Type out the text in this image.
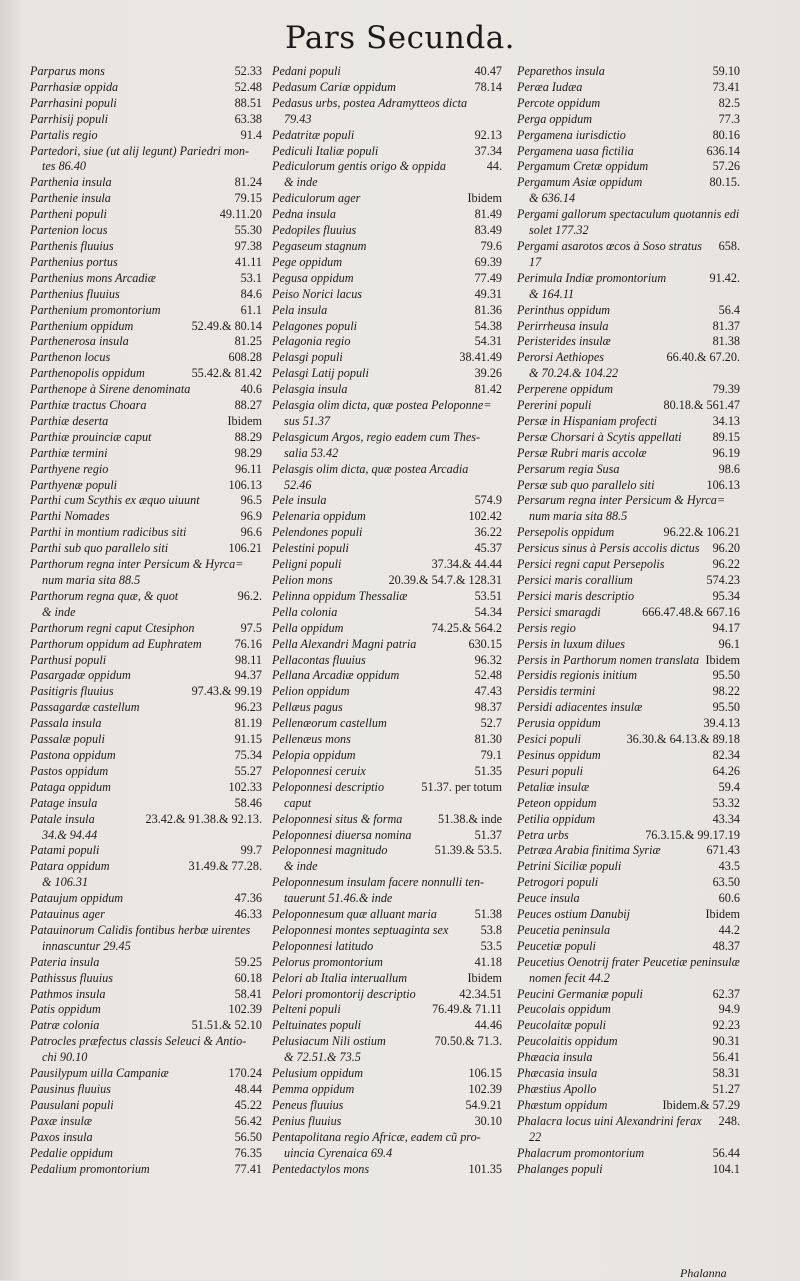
Pars Secunda.
Parparus mons	52.33
Parrhasiæ oppida	52.48
Parrhasini populi	88.51
Parrhisij populi	63.38
Partalis regio	91.4
Partedori, siue (ut alij legunt) Pariedri mon-
tes 86.40
Parthenia insula	81.24
Parthenie insula	79.15
Partheni populi	49.11.20
Partenion locus	55.30
Parthenis fluuius	97.38
Parthenius portus	41.11
Parthenius mons Arcadiæ	53.1
Parthenius fluuius	84.6
Parthenium promontorium	61.1
Parthenium oppidum	52.49.& 80.14
Parthenerosa insula	81.25
Parthenon locus	608.28
Parthenopolis oppidum	55.42.& 81.42
Parthenope à Sirene denominata	40.6
Parthiæ tractus Choara	88.27
Parthiæ deserta	Ibidem
Parthiæ prouinciæ caput	88.29
Parthiæ termini	98.29
Parthyene regio	96.11
Parthyenæ populi	106.13
Parthi cum Scythis ex æquo uiuunt	96.5
Parthi Nomades	96.9
Parthi in montium radicibus siti	96.6
Parthi sub quo parallelo siti	106.21
Parthorum regna inter Persicum & Hyrca=
num maria sita 88.5
Parthorum regna quæ, & quot	96.2.
& inde
Parthorum regni caput Ctesiphon	97.5
Parthorum oppidum ad Euphratem	76.16
Parthusi populi	98.11
Pasargadæ oppidum	94.37
Pasitigris fluuius	97.43.& 99.19
Passagardæ castellum	96.23
Passala insula	81.19
Passalæ populi	91.15
Pastona oppidum	75.34
Pastos oppidum	55.27
Pataga oppidum	102.33
Patage insula	58.46
Patale insula	23.42.& 91.38.& 92.13.
34.& 94.44
Patami populi	99.7
Patara oppidum	31.49.& 77.28.
& 106.31
Pataujum oppidum	47.36
Patauinus ager	46.33
Patauinorum Calidis fontibus herbæ uirentes
innascuntur 29.45
Pateria insula	59.25
Pathissus fluuius	60.18
Pathmos insula	58.41
Patis oppidum	102.39
Patræ colonia	51.51.& 52.10
Patrocles præfectus classis Seleuci & Antio-
chi 90.10
Pausilypum uilla Campaniæ	170.24
Pausinus fluuius	48.44
Pausulani populi	45.22
Paxæ insulæ	56.42
Paxos insula	56.50
Pedalie oppidum	76.35
Pedalium promontorium	77.41
Pedani populi	40.47
Pedasum Cariæ oppidum	78.14
Pedasus urbs, postea Adramytteos dicta
79.43
Pedatritæ populi	92.13
Pediculi Italiæ populi	37.34
Pediculorum gentis origo & oppida	44.
& inde
Pediculorum ager	Ibidem
Pedna insula	81.49
Pedopiles fluuius	83.49
Pegaseum stagnum	79.6
Pege oppidum	69.39
Pegusa oppidum	77.49
Peiso Norici lacus	49.31
Pela insula	81.36
Pelagones populi	54.38
Pelagonia regio	54.31
Pelasgi populi	38.41.49
Pelasgi Latij populi	39.26
Pelasgia insula	81.42
Pelasgia olim dicta, quæ postea Peloponne=
sus 51.37
Pelasgicum Argos, regio eadem cum Thes-
salia 53.42
Pelasgis olim dicta, quæ postea Arcadia
52.46
Pele insula	574.9
Pelenaria oppidum	102.42
Pelendones populi	36.22
Pelestini populi	45.37
Peligni populi	37.34.& 44.44
Pelion mons	20.39.& 54.7.& 128.31
Pelinna oppidum Thessaliæ	53.51
Pella colonia	54.34
Pella oppidum	74.25.& 564.2
Pella Alexandri Magni patria	630.15
Pellacontas fluuius	96.32
Pellana Arcadiæ oppidum	52.48
Pelion oppidum	47.43
Pellæus pagus	98.37
Pellenæorum castellum	52.7
Pellenæus mons	81.30
Pelopia oppidum	79.1
Peloponnesi ceruix	51.35
Peloponnesi descriptio	51.37. per totum
caput
Peloponnesi situs & forma	51.38.& inde
Peloponnesi diuersa nomina	51.37
Peloponnesi magnitudo	51.39.& 53.5.
& inde
Peloponnesum insulam facere nonnulli ten-
tauerunt 51.46.& inde
Peloponnesum quæ alluant maria	51.38
Peloponnesi montes septuaginta sex	53.8
Peloponnesi latitudo	53.5
Pelorus promontorium	41.18
Pelori ab Italia interuallum	Ibidem
Pelori promontorij descriptio	42.34.51
Pelteni populi	76.49.& 71.11
Peltuinates populi	44.46
Pelusiacum Nili ostium	70.50.& 71.3.
& 72.51.& 73.5
Pelusium oppidum	106.15
Pemma oppidum	102.39
Peneus fluuius	54.9.21
Penius fluuius	30.10
Pentapolitana regio Africæ, eadem cũ pro-
uincia Cyrenaica 69.4
Pentedactylos mons	101.35
Peparethos insula	59.10
Peræa Iudæa	73.41
Percote oppidum	82.5
Perga oppidum	77.3
Pergamena iurisdictio	80.16
Pergamena uasa fictilia	636.14
Pergamum Cretæ oppidum	57.26
Pergamum Asiæ oppidum	80.15.
& 636.14
Pergami gallorum spectaculum quotannis edi
solet 177.32
Pergami asarotos œcos à Soso stratus	658.
17
Perimula Indiæ promontorium	91.42.
& 164.11
Perinthus oppidum	56.4
Perirrheusa insula	81.37
Peristerides insulæ	81.38
Perorsi Aethiopes	66.40.& 67.20.
& 70.24.& 104.22
Perperene oppidum	79.39
Pererini populi	80.18.& 561.47
Persæ in Hispaniam profecti	34.13
Persæ Chorsari à Scytis appellati	89.15
Persæ Rubri maris accolæ	96.19
Persarum regia Susa	98.6
Persæ sub quo parallelo siti	106.13
Persarum regna inter Persicum & Hyrca=
num maria sita 88.5
Persepolis oppidum	96.22.& 106.21
Persicus sinus à Persis accolis dictus	96.20
Persici regni caput Persepolis	96.22
Persici maris corallium	574.23
Persici maris descriptio	95.34
Persici smaragdi	666.47.48.& 667.16
Persis regio	94.17
Persis in luxum dilues	96.1
Persis in Parthorum nomen translata Ibidem
Persidis regionis initium	95.50
Persidis termini	98.22
Persidi adiacentes insulæ	95.50
Perusia oppidum	39.4.13
Pesici populi	36.30.& 64.13.& 89.18
Pesinus oppidum	82.34
Pesuri populi	64.26
Petaliæ insulæ	59.4
Peteon oppidum	53.32
Petilia oppidum	43.34
Petra urbs	76.3.15.& 99.17.19
Petræa Arabia finitima Syriæ	671.43
Petrini Siciliæ populi	43.5
Petrogori populi	63.50
Peuce insula	60.6
Peuces ostium Danubij	Ibidem
Peucetia peninsula	44.2
Peucetiæ populi	48.37
Peucetius Oenotrij frater Peucetiæ peninsulæ
nomen fecit 44.2
Peucini Germaniæ populi	62.37
Peucolais oppidum	94.9
Peucolaitæ populi	92.23
Peucolaitis oppidum	90.31
Phæacia insula	56.41
Phæcasia insula	58.31
Phæstius Apollo	51.27
Phæstum oppidum	Ibidem.& 57.29
Phalacra locus uini Alexandrini ferax	248.
22
Phalacrum promontorium	56.44
Phalanges populi	104.1
Phalanna
